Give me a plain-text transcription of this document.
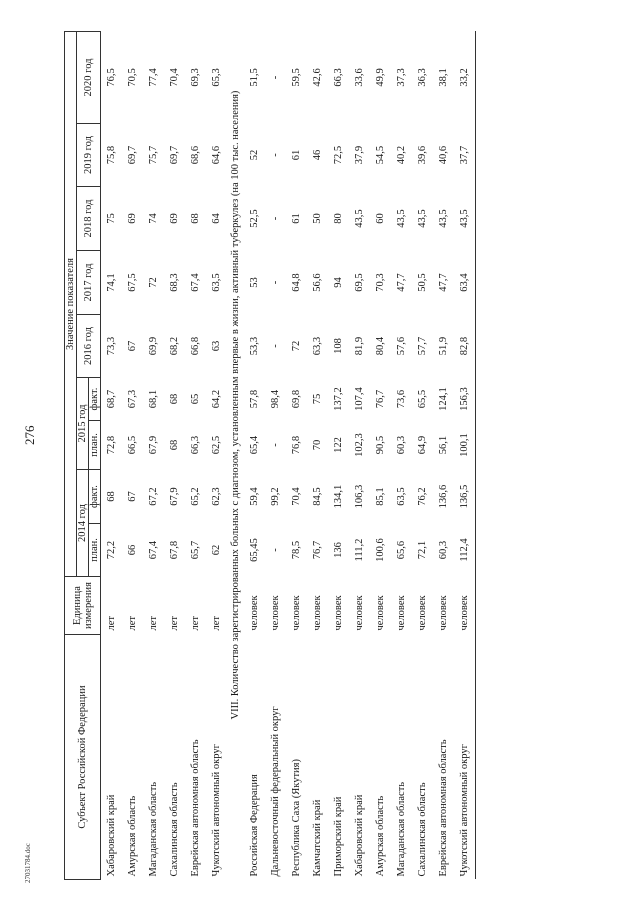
276
Субъект Российской Федерации	Единица измерения	Значение показателя								
		2014 год		2015 год		2016 год	2017 год	2018 год	2019 год	2020 год
		план.	факт.	план.	факт.					
Хабаровский край	лет	72,2	68	72,8	68,7	73,3	74,1	75	75,8	76,5
Амурская область	лет	66	67	66,5	67,3	67	67,5	69	69,7	70,5
Магаданская область	лет	67,4	67,2	67,9	68,1	69,9	72	74	75,7	77,4
Сахалинская область	лет	67,8	67,9	68	68	68,2	68,3	69	69,7	70,4
Еврейская автономная область	лет	65,7	65,2	66,3	65	66,8	67,4	68	68,6	69,3
Чукотский автономный округ	лет	62	62,3	62,5	64,2	63	63,5	64	64,6	65,3
VIII. Количество зарегистрированных больных с диагнозом, установленным впервые в жизни, активный туберкулез (на 100 тыс. населения)										
Российская Федерация	человек	65,45	59,4	65,4	57,8	53,3	53	52,5	52	51,5
Дальневосточный федеральный округ	человек	-	99,2	-	98,4	-	-	-	-	-
Республика Саха (Якутия)	человек	78,5	70,4	76,8	69,8	72	64,8	61	61	59,5
Камчатский край	человек	76,7	84,5	70	75	63,3	56,6	50	46	42,6
Приморский край	человек	136	134,1	122	137,2	108	94	80	72,5	66,3
Хабаровский край	человек	111,2	106,3	102,3	107,4	81,9	69,5	43,5	37,9	33,6
Амурская область	человек	100,6	85,1	90,5	76,7	80,4	70,3	60	54,5	49,9
Магаданская область	человек	65,6	63,5	60,3	73,6	57,6	47,7	43,5	40,2	37,3
Сахалинская область	человек	72,1	76,2	64,9	65,5	57,7	50,5	43,5	39,6	36,3
Еврейская автономная область	человек	60,3	136,6	56,1	124,1	51,9	47,7	43,5	40,6	38,1
Чукотский автономный округ	человек	112,4	136,5	100,1	156,3	82,8	63,4	43,5	37,7	33,2
27031784.doc
